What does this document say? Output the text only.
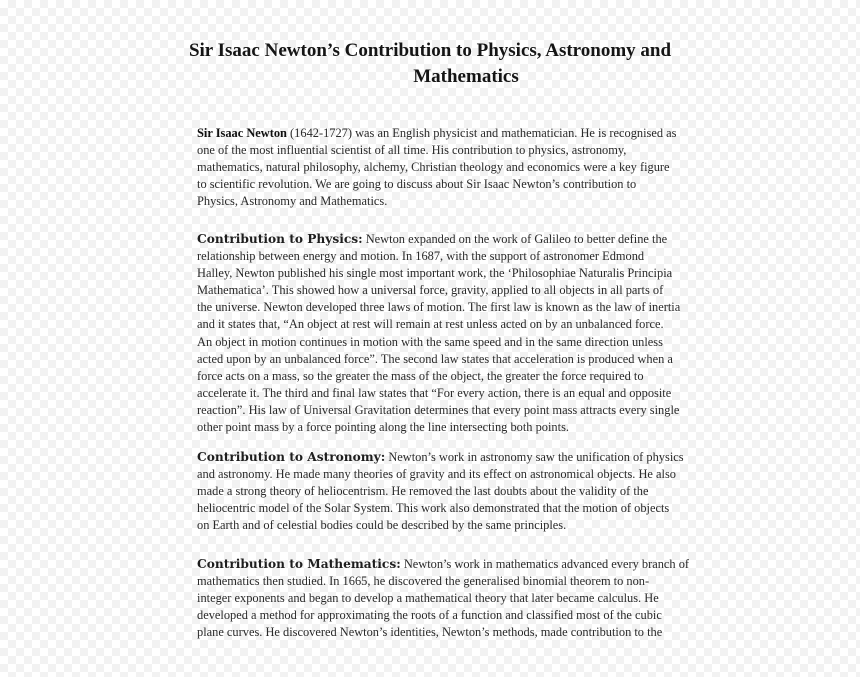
Sir Isaac Newton’s Contribution to Physics, Astronomy and
Mathematics

Sir Isaac Newton (1642-1727) was an English physicist and mathematician. He is recognised as
one of the most influential scientist of all time. His contribution to physics, astronomy,
mathematics, natural philosophy, alchemy, Christian theology and economics were a key figure
to scientific revolution. We are going to discuss about Sir Isaac Newton’s contribution to
Physics, Astronomy and Mathematics.

Contribution to Physics: Newton expanded on the work of Galileo to better define the
relationship between energy and motion. In 1687, with the support of astronomer Edmond
Halley, Newton published his single most important work, the ‘Philosophiae Naturalis Principia
Mathematica’. This showed how a universal force, gravity, applied to all objects in all parts of
the universe. Newton developed three laws of motion. The first law is known as the law of inertia
and it states that, “An object at rest will remain at rest unless acted on by an unbalanced force.
An object in motion continues in motion with the same speed and in the same direction unless
acted upon by an unbalanced force”. The second law states that acceleration is produced when a
force acts on a mass, so the greater the mass of the object, the greater the force required to
accelerate it. The third and final law states that “For every action, there is an equal and opposite
reaction”. His law of Universal Gravitation determines that every point mass attracts every single
other point mass by a force pointing along the line intersecting both points.

Contribution to Astronomy: Newton’s work in astronomy saw the unification of physics
and astronomy. He made many theories of gravity and its effect on astronomical objects. He also
made a strong theory of heliocentrism. He removed the last doubts about the validity of the
heliocentric model of the Solar System. This work also demonstrated that the motion of objects
on Earth and of celestial bodies could be described by the same principles.

Contribution to Mathematics: Newton’s work in mathematics advanced every branch of
mathematics then studied. In 1665, he discovered the generalised binomial theorem to non-
integer exponents and began to develop a mathematical theory that later became calculus. He
developed a method for approximating the roots of a function and classified most of the cubic
plane curves. He discovered Newton’s identities, Newton’s methods, made contribution to the
